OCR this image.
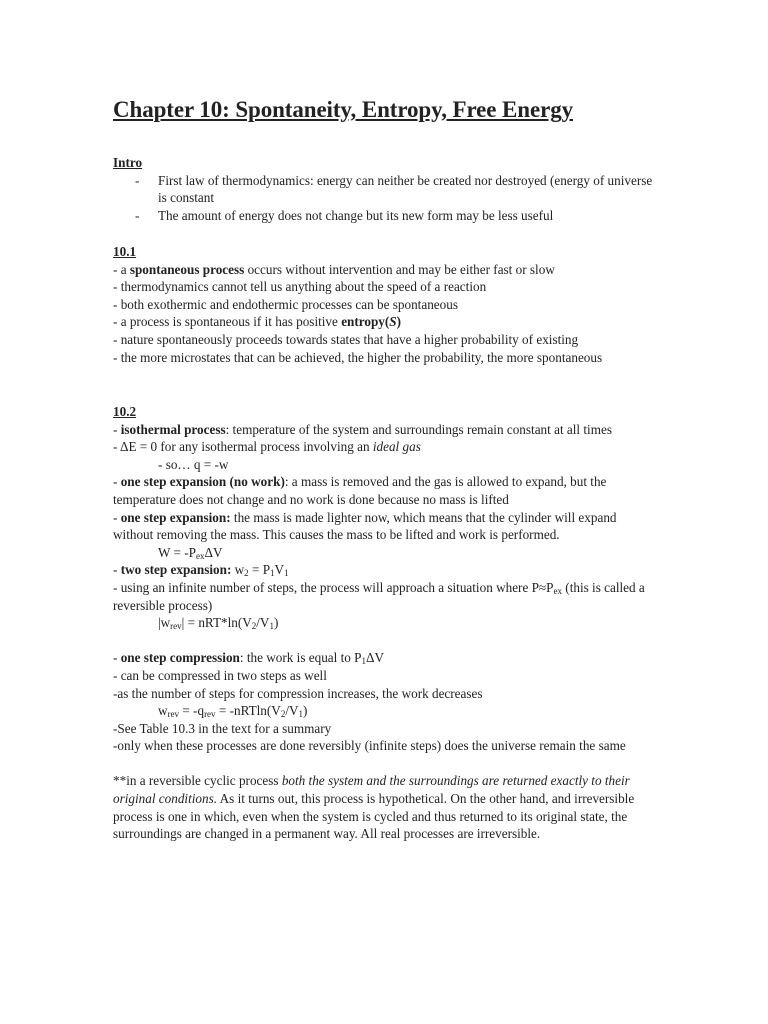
Chapter 10: Spontaneity, Entropy, Free Energy
Intro
- First law of thermodynamics: energy can neither be created nor destroyed (energy of universe is constant
- The amount of energy does not change but its new form may be less useful
10.1
- a spontaneous process occurs without intervention and may be either fast or slow
- thermodynamics cannot tell us anything about the speed of a reaction
- both exothermic and endothermic processes can be spontaneous
- a process is spontaneous if it has positive entropy(S)
- nature spontaneously proceeds towards states that have a higher probability of existing
- the more microstates that can be achieved, the higher the probability, the more spontaneous
10.2
- isothermal process: temperature of the system and surroundings remain constant at all times
- ΔE = 0 for any isothermal process involving an ideal gas
- so… q = -w
- one step expansion (no work): a mass is removed and the gas is allowed to expand, but the temperature does not change and no work is done because no mass is lifted
- one step expansion: the mass is made lighter now, which means that the cylinder will expand without removing the mass. This causes the mass to be lifted and work is performed.
$W = -P_{ex}\Delta V$
- two step expansion: $w_2 = P_1V_1$
- using an infinite number of steps, the process will approach a situation where $P\approx P_{ex}$ (this is called a reversible process)
$|w_{rev}| = nRT*\ln(V_2/V_1)$
- one step compression: the work is equal to $P_1\Delta V$
- can be compressed in two steps as well
-as the number of steps for compression increases, the work decreases
$w_{rev} = -q_{rev} = -nRTln(V_2/V_1)$
-See Table 10.3 in the text for a summary
-only when these processes are done reversibly (infinite steps) does the universe remain the same
**in a reversible cyclic process both the system and the surroundings are returned exactly to their original conditions. As it turns out, this process is hypothetical. On the other hand, and irreversible process is one in which, even when the system is cycled and thus returned to its original state, the surroundings are changed in a permanent way. All real processes are irreversible.
